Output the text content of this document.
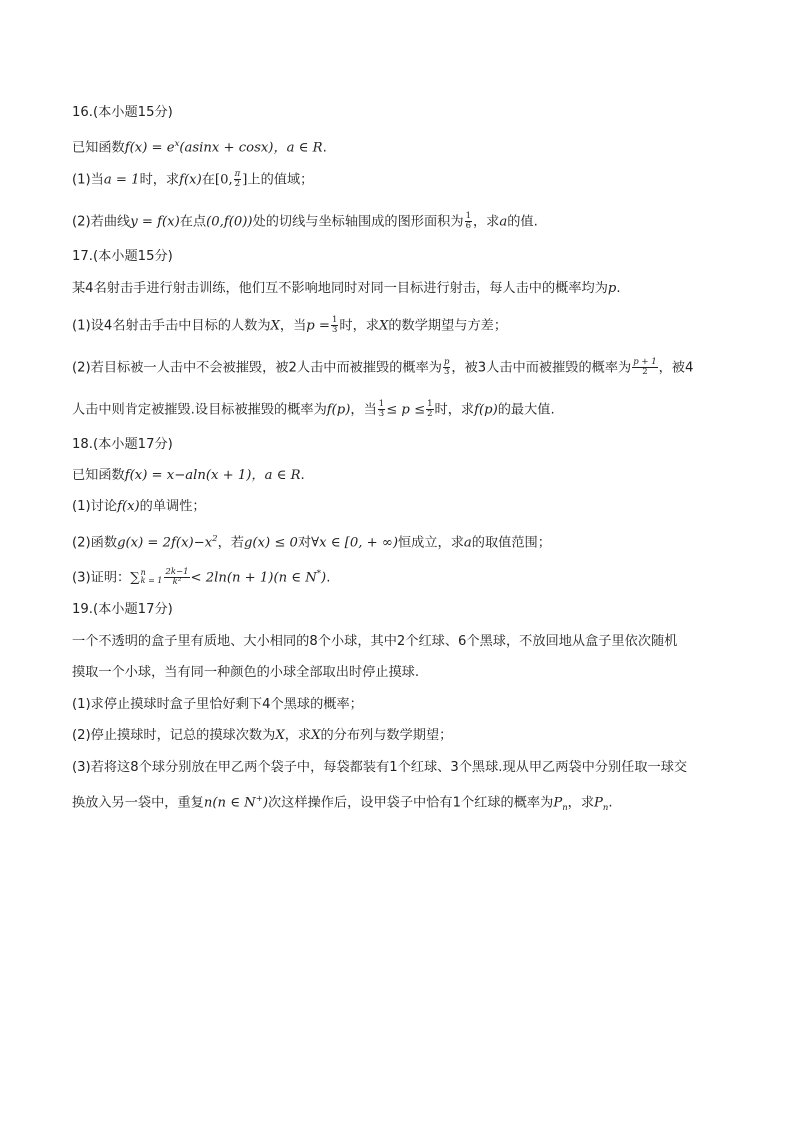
16.(本小题15分)
已知函数$f(x) = e^x(asinx + \cos x)$，a ∈ R.
(1)当a = 1时，求f(x)在[0, $\frac{\pi}{2}$ ]上的值域；
(2)若曲线y = f(x)在点(0,f(0))处的切线与坐标轴围成的图形面积为 $\frac{1}{6}$ ，求a的值.
17.(本小题15分)
某4名射击手进行射击训练，他们互不影响地同时对同一目标进行射击，每人击中的概率均为p.
(1)设4名射击手击中目标的人数为X，当$p = \frac{1}{3}$ 时，求X的数学期望与方差；
(2)若目标被一人击中不会被摧毁，被2人击中而被摧毁的概率为 $\frac{p}{3}$ ，被3人击中而被摧毁的概率为 $\frac{p + 1}{2}$ ，被4
人击中则肯定被摧毁.设目标被摧毁的概率为f(p)，当 $\frac{1}{3} \le p \le \frac{1}{2}$ 时，求f(p)的最大值.
18.(本小题17分)
已知函数f(x) = x−aln(x + 1)，a ∈ R.
(1)讨论f(x)的单调性；
(2)函数$g(x) = 2f(x)-x^2$，若g(x) ≤ 0对∀x ∈ [0, + ∞)恒成立，求a的取值范围；
(3)证明：∑ n
$k = 1 \frac{2k-1}{\text{k²}} < 2\ln(n + 1)(n$ ∈ N*).
19.(本小题17分)
一个不透明的盒子里有质地、大小相同的8个小球，其中2个红球、6个黑球，不放回地从盒子里依次随机
摸取一个小球，当有同一种颜色的小球全部取出时停止摸球.
(1)求停止摸球时盒子里恰好剩下4个黑球的概率；
(2)停止摸球时，记总的摸球次数为X，求X的分布列与数学期望；
(3)若将这8个球分别放在甲乙两个袋子中，每袋都装有1个红球、3个黑球.现从甲乙两袋中分别任取一球交
换放入另一袋中，重复n(n ∈ N+)次这样操作后，设甲袋子中恰有1个红球的概率为$P_n$，求$P_n$.
